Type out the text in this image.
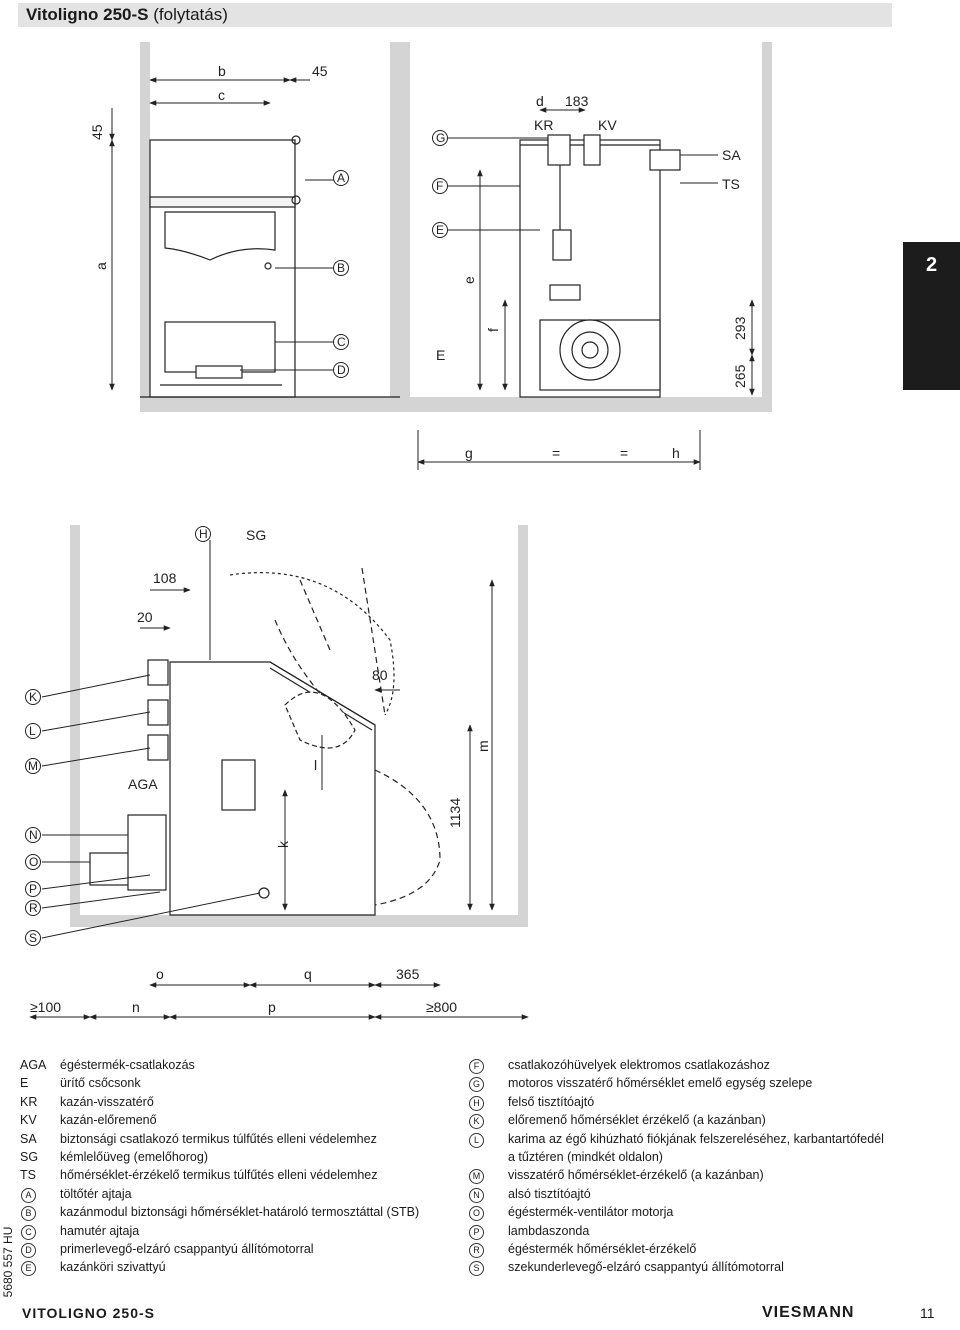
Vitoligno 250-S (folytatás)
2
5680 557 HU
b
c
45
45
a
A
B
C
D
d 183
e
f	293
265
g	=	=	h
KR	KV
SA
TS
E
G
F
E
108
20
80
l
k
1134
m
o	q	365
≥100	n	p	≥800
SG
AGA
H
K
L
M
N
O
P
R
S
AGA	égéstermék-csatlakozás
E	ürítő csőcsonk
KR	kazán-visszatérő
KV	kazán-előremenő
SA	biztonsági csatlakozó termikus túlfűtés elleni védelemhez
SG	kémlelőüveg (emelőhorog)
TS	hőmérséklet-érzékelő termikus túlfűtés elleni védelemhez
A	töltőtér ajtaja
B	kazánmodul biztonsági hőmérséklet-határoló termosztáttal (STB)
C	hamutér ajtaja
D	primerlevegő-elzáró csappantyú állítómotorral
E	kazánköri szivattyú
F	csatlakozóhüvelyek elektromos csatlakozáshoz
G	motoros visszatérő hőmérséklet emelő egység szelepe
H	felső tisztítóajtó
K	előremenő hőmérséklet érzékelő (a kazánban)
L	karima az égő kihúzható fiókjának felszereléséhez, karbantartófedél a tűztéren (mindkét oldalon)
M	visszatérő hőmérséklet-érzékelő (a kazánban)
N	alsó tisztítóajtó
O	égéstermék-ventilátor motorja
P	lambdaszonda
R	égéstermék hőmérséklet-érzékelő
S	szekunderlevegő-elzáró csappantyú állítómotorral
VITOLIGNO 250-S	VIESMANN	11
